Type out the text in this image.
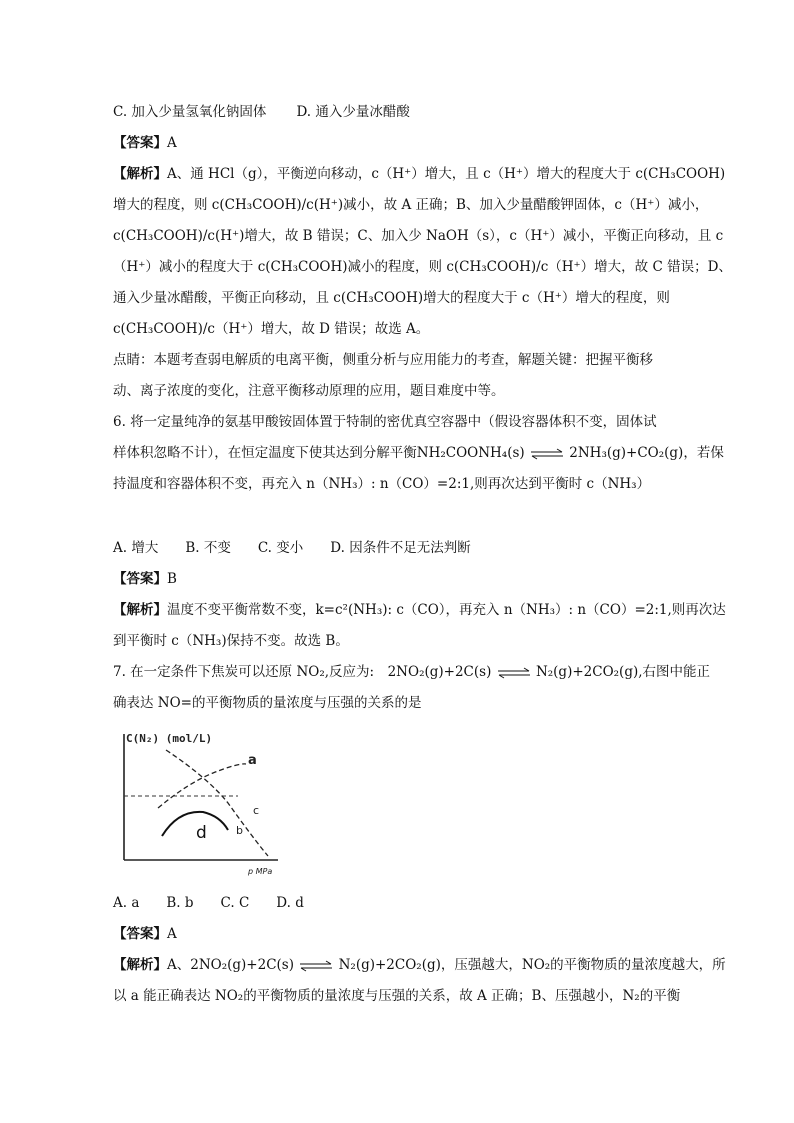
C. 加入少量氢氧化钠固体 D. 通入少量冰醋酸
【答案】A
【解析】A、通 HCl（g），平衡逆向移动，c（H⁺）增大，且 c（H⁺）增大的程度大于 c(CH₃COOH)
增大的程度，则 c(CH₃COOH)/c(H⁺)减小，故 A 正确；B、加入少量醋酸钾固体，c（H⁺）减小，
c(CH₃COOH)/c(H⁺)增大，故 B 错误；C、加入少 NaOH（s），c（H⁺）减小，平衡正向移动，且 c
（H⁺）减小的程度大于 c(CH₃COOH)减小的程度，则 c(CH₃COOH)/c（H⁺）增大，故 C 错误；D、
通入少量冰醋酸，平衡正向移动，且 c(CH₃COOH)增大的程度大于 c（H⁺）增大的程度，则
c(CH₃COOH)/c（H⁺）增大，故 D 错误；故选 A。
点睛：本题考查弱电解质的电离平衡，侧重分析与应用能力的考查，解题关键：把握平衡移
动、离子浓度的变化，注意平衡移动原理的应用，题目难度中等。
6. 将一定量纯净的氨基甲酸铵固体置于特制的密优真空容器中（假设容器体积不变，固体试
样体积忽略不计），在恒定温度下使其达到分解平衡NH₂COONH₄(s) ⇌ 2NH₃(g)+CO₂(g)，若保
持温度和容器体积不变，再充入 n（NH₃）: n（CO）=2:1,则再次达到平衡时 c（NH₃）
A. 增大　　B. 不变　　C. 变小　　D. 因条件不足无法判断
【答案】B
【解析】温度不变平衡常数不变，k=c²(NH₃): c（CO），再充入 n（NH₃）: n（CO）=2:1,则再次达
到平衡时 c（NH₃)保持不变。故选 B。
7. 在一定条件下焦炭可以还原 NO₂,反应为:　2NO₂(g)+2C(s) ⇌ N₂(g)+2CO₂(g),右图中能正
确表达 NO=的平衡物质的量浓度与压强的关系的是
C(N₂) (mol/L)
p MPa
a
c
b
d
A. a　　B. b　　C. C　　D. d
【答案】A
【解析】A、2NO₂(g)+2C(s) ⇌ N₂(g)+2CO₂(g)，压强越大，NO₂的平衡物质的量浓度越大，所
以 a 能正确表达 NO₂的平衡物质的量浓度与压强的关系，故 A 正确；B、压强越小，N₂的平衡
